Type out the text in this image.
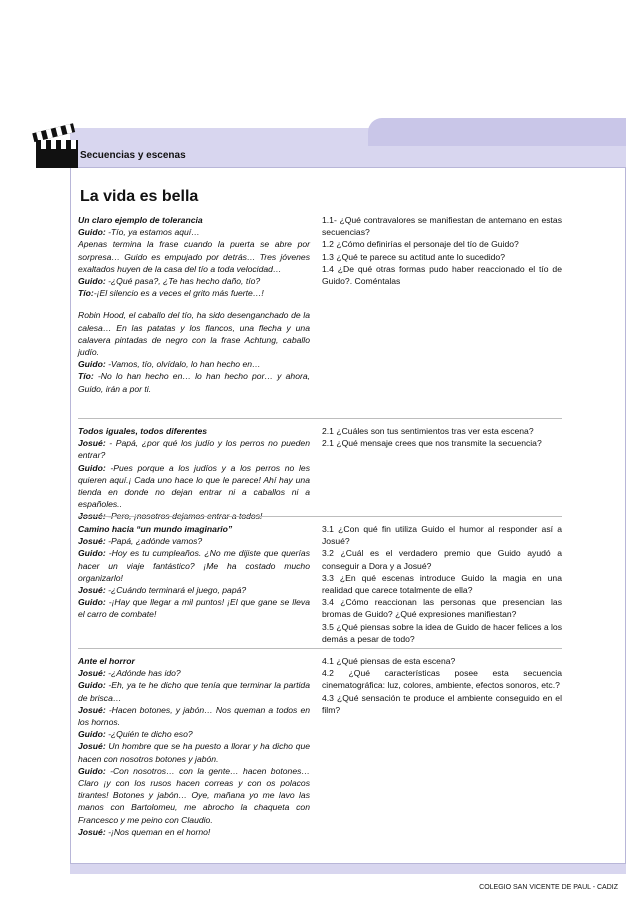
Secuencias y escenas
La vida es bella

Un claro ejemplo de tolerancia

Guido: -Tío, ya estamos aquí…

Apenas termina la frase cuando la puerta se abre por sorpresa… Guido es empujado por detrás… Tres jóvenes exaltados huyen de la casa del tío a toda velocidad…

Guido: -¿Qué pasa?, ¿Te has hecho daño, tío?

Tío:-¡El silencio es a veces el grito más fuerte…!

Robin Hood, el caballo del tío, ha sido desenganchado de la calesa… En las patatas y los flancos, una flecha y una calavera pintadas de negro con la frase Achtung, caballo judío.

Guido: -Vamos, tío, olvídalo, lo han hecho en…

Tío: -No lo han hecho en… lo han hecho por… y ahora, Guido, irán a por ti.

1.1- ¿Qué contravalores se manifiestan de antemano en estas secuencias?

1.2 ¿Cómo definirías el personaje del tío de Guido?

1.3 ¿Qué te parece su actitud ante lo sucedido?

1.4 ¿De qué otras formas pudo haber reaccionado el tío de Guido?. Coméntalas

Todos iguales, todos diferentes

Josué: - Papá, ¿por qué los judío y los perros no pueden entrar?

Guido: -Pues porque a los judíos y a los perros no les quieren aquí.¡ Cada uno hace lo que le parece! Ahí hay una tienda en donde no dejan entrar ni a caballos ni a españoles..

Josué: -Pero, ¡nosotros dejamos entrar a todos!

2.1 ¿Cuáles son tus sentimientos tras ver esta escena?

2.1 ¿Qué mensaje crees que nos transmite la secuencia?

Camino hacia “un mundo imaginario”

Josué: -Papá, ¿adónde vamos?

Guido: -Hoy es tu cumpleaños. ¿No me dijiste que querías hacer un viaje fantástico? ¡Me ha costado mucho organizarlo!

Josué: -¿Cuándo terminará el juego, papá?

Guido: -¡Hay que llegar a mil puntos! ¡El que gane se lleva el carro de combate!

3.1 ¿Con qué fin utiliza Guido el humor al responder así a Josué?

3.2 ¿Cuál es el verdadero premio que Guido ayudó a conseguir a Dora y a Josué?

3.3 ¿En qué escenas introduce Guido la magia en una realidad que carece totalmente de ella?

3.4 ¿Cómo reaccionan las personas que presencian las bromas de Guido? ¿Qué expresiones manifiestan?

3.5 ¿Qué piensas sobre la idea de Guido de hacer felices a los demás a pesar de todo?

Ante el horror

Josué: -¿Adónde has ido?

Guido: -Eh, ya te he dicho que tenía que terminar la partida de brisca…

Josué: -Hacen botones, y jabón… Nos queman a todos en los hornos.

Guido: -¿Quién te dicho eso?

Josué: Un hombre que se ha puesto a llorar y ha dicho que hacen con nosotros botones y jabón.

Guido: -Con nosotros… con la gente… hacen botones… Claro ¡y con los rusos hacen correas y con os polacos tirantes! Botones y jabón… Oye, mañana yo me lavo las manos con Bartolomeu, me abrocho la chaqueta con Francesco y me peino con Claudio.

Josué: -¡Nos queman en el horno!

4.1 ¿Qué piensas de esta escena?

4.2 ¿Qué características posee esta secuencia cinematográfica: luz, colores, ambiente, efectos sonoros, etc.?

4.3 ¿Qué sensación te produce el ambiente conseguido en el film?

COLEGIO SAN VICENTE DE PAUL - CADIZ
